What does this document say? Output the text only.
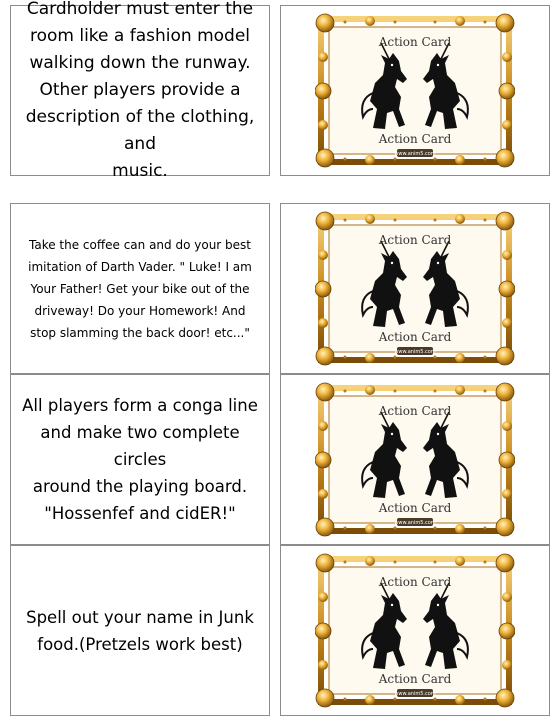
Cardholder must enter the
room like a fashion model
walking down the runway.
Other players provide a
description of the clothing, and
music.
Action Card
Action Card
www.anim5.com
Take the coffee can and do your best
imitation of Darth Vader. " Luke! I am
Your Father! Get your bike out of the
driveway! Do your Homework! And
stop slamming the back door! etc..."
Action Card
Action Card
www.anim5.com
All players form a conga line
and make two complete circles
around the playing board.
"Hossenfef and cidER!"
Action Card
Action Card
www.anim5.com
Spell out your name in Junk
food.(Pretzels work best)
Action Card
Action Card
www.anim5.com
